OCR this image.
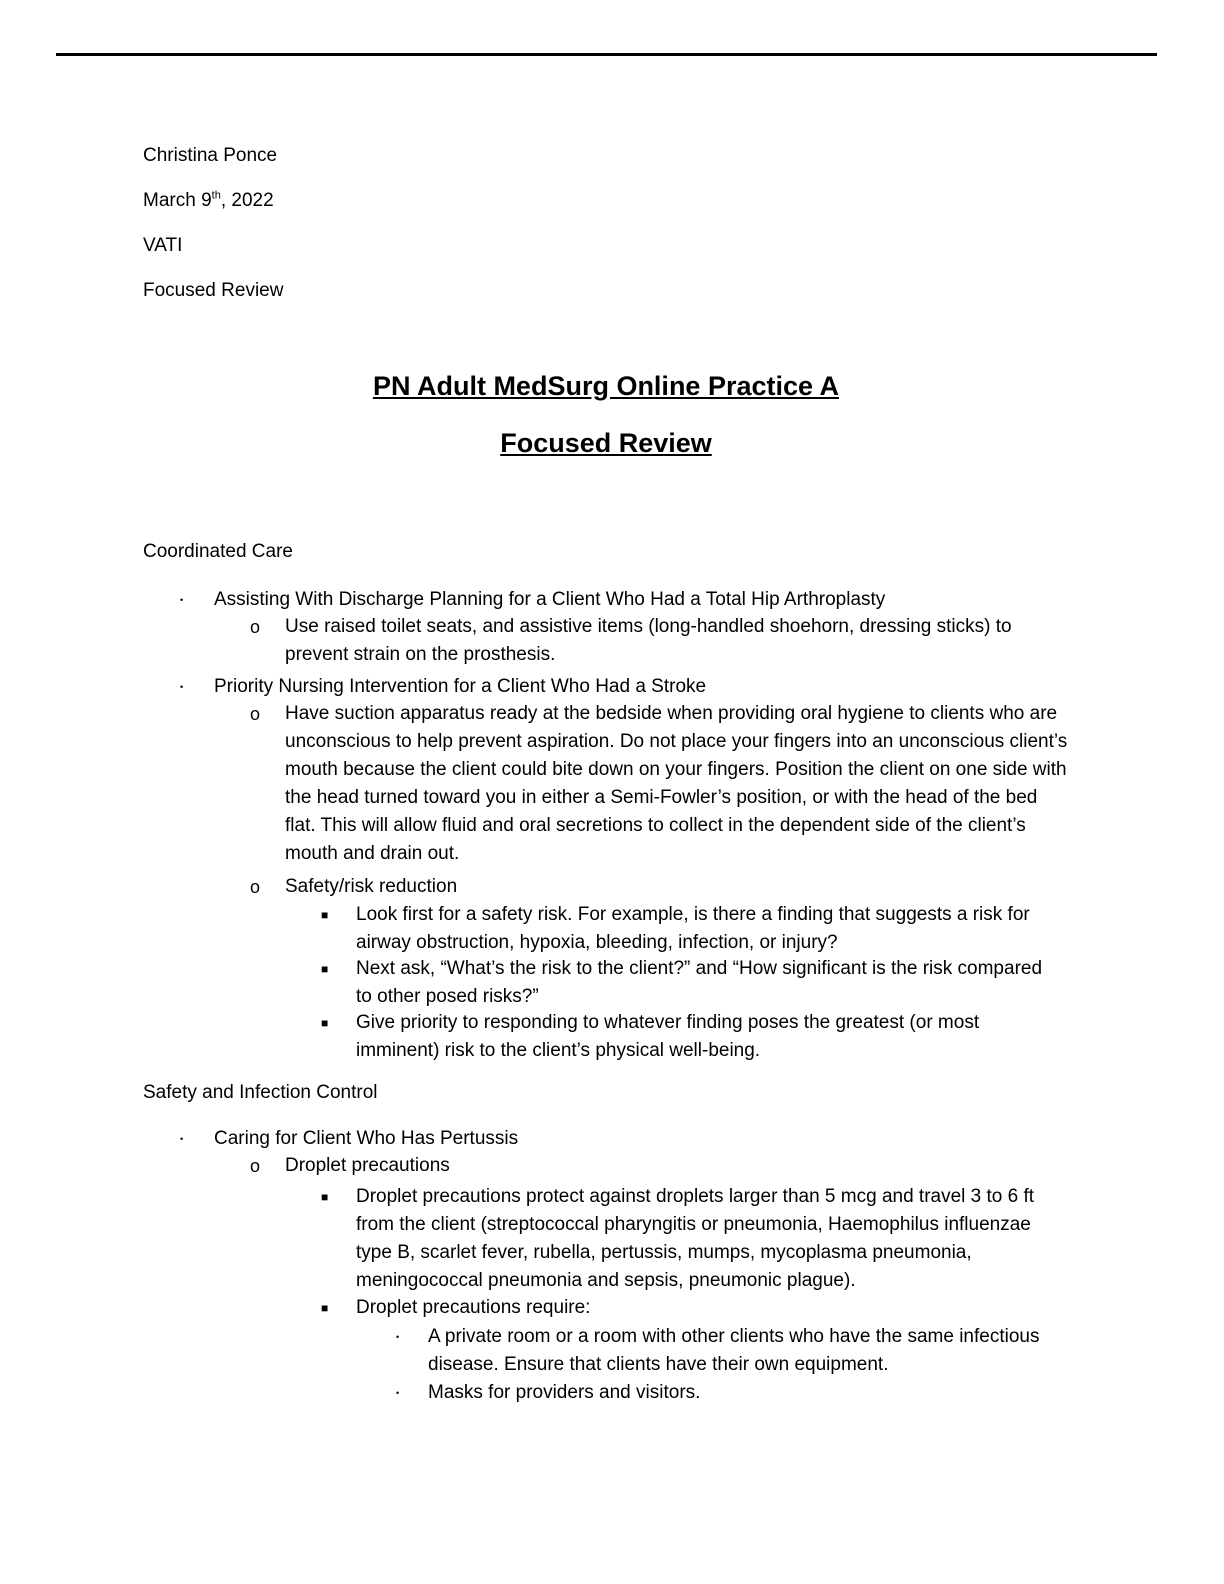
Christina Ponce
March 9th, 2022
VATI
Focused Review
PN Adult MedSurg Online Practice A
Focused Review
Coordinated Care
• Assisting With Discharge Planning for a Client Who Had a Total Hip Arthroplasty
o Use raised toilet seats, and assistive items (long-handled shoehorn, dressing sticks) to prevent strain on the prosthesis.
• Priority Nursing Intervention for a Client Who Had a Stroke
o Have suction apparatus ready at the bedside when providing oral hygiene to clients who are unconscious to help prevent aspiration. Do not place your fingers into an unconscious client’s mouth because the client could bite down on your fingers. Position the client on one side with the head turned toward you in either a Semi-Fowler’s position, or with the head of the bed flat. This will allow fluid and oral secretions to collect in the dependent side of the client’s mouth and drain out.
o Safety/risk reduction
■ Look first for a safety risk. For example, is there a finding that suggests a risk for airway obstruction, hypoxia, bleeding, infection, or injury?
■ Next ask, “What’s the risk to the client?” and “How significant is the risk compared to other posed risks?”
■ Give priority to responding to whatever finding poses the greatest (or most imminent) risk to the client’s physical well-being.
Safety and Infection Control
• Caring for Client Who Has Pertussis
o Droplet precautions
■ Droplet precautions protect against droplets larger than 5 mcg and travel 3 to 6 ft from the client (streptococcal pharyngitis or pneumonia, Haemophilus influenzae type B, scarlet fever, rubella, pertussis, mumps, mycoplasma pneumonia, meningococcal pneumonia and sepsis, pneumonic plague).
■ Droplet precautions require:
• A private room or a room with other clients who have the same infectious disease. Ensure that clients have their own equipment.
• Masks for providers and visitors.
